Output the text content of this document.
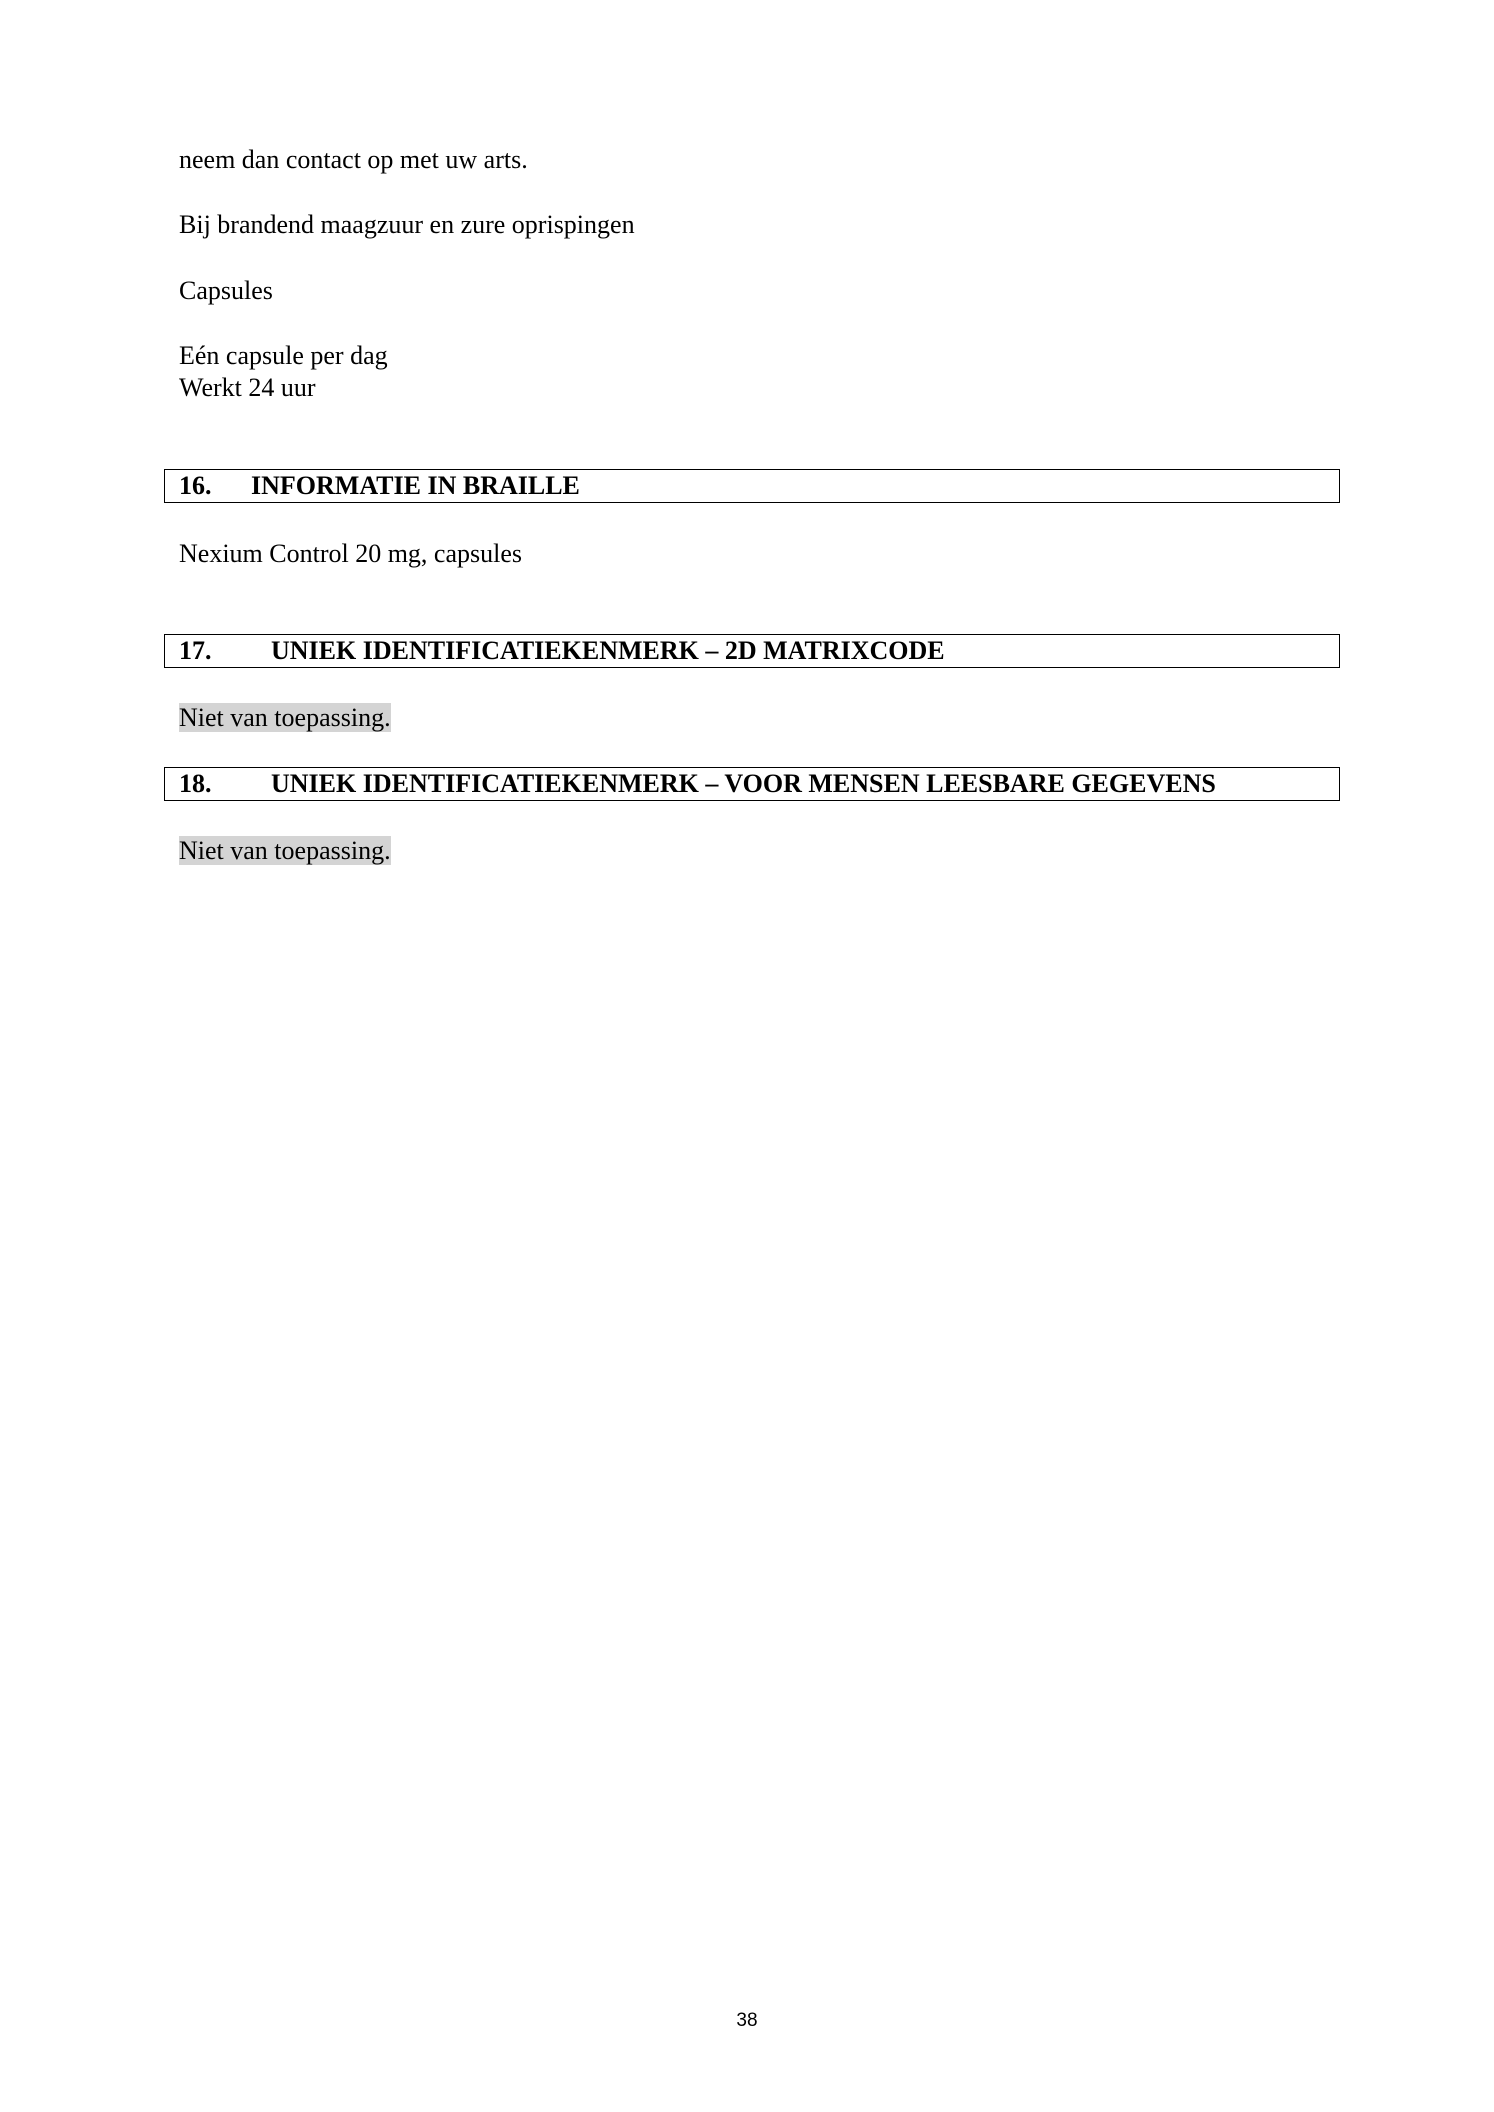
neem dan contact op met uw arts.
Bij brandend maagzuur en zure oprispingen
Capsules
Eén capsule per dag
Werkt 24 uur
16. INFORMATIE IN BRAILLE
Nexium Control 20 mg, capsules
17. UNIEK IDENTIFICATIEKENMERK – 2D MATRIXCODE
Niet van toepassing.
18. UNIEK IDENTIFICATIEKENMERK – VOOR MENSEN LEESBARE GEGEVENS
Niet van toepassing.
38
